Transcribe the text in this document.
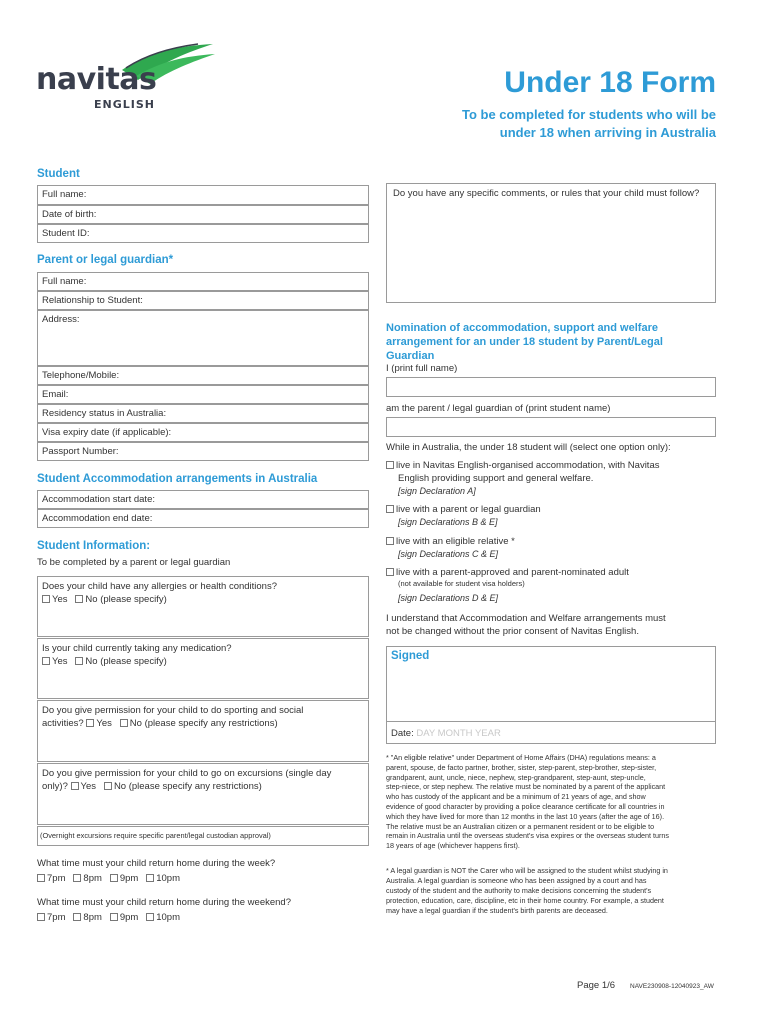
navitas
ENGLISH
Under 18 Form
To be completed for students who will be
under 18 when arriving in Australia
Student
Full name:
Date of birth:
Student ID:
Do you have any specific comments, or rules that your child must follow?
Parent or legal guardian*
Full name:
Relationship to Student:
Address:
Telephone/Mobile:
Email:
Residency status in Australia:
Visa expiry date (if applicable):
Passport Number:
Student Accommodation arrangements in Australia
Accommodation start date:
Accommodation end date:
Student Information:
To be completed by a parent or legal guardian
Does your child have any allergies or health conditions?
Yes No (please specify)
Is your child currently taking any medication?
Yes No (please specify)
Do you give permission for your child to do sporting and social
activities? Yes No (please specify any restrictions)
Do you give permission for your child to go on excursions (single day
only)? Yes No (please specify any restrictions)
(Overnight excursions require specific parent/legal custodian approval)
What time must your child return home during the week?
7pm 8pm 9pm 10pm
What time must your child return home during the weekend?
7pm 8pm 9pm 10pm
Nomination of accommodation, support and welfare
arrangement for an under 18 student by Parent/Legal
Guardian
I (print full name)
am the parent / legal guardian of (print student name)
While in Australia, the under 18 student will (select one option only):
live in Navitas English-organised accommodation, with Navitas
English providing support and general welfare.
[sign Declaration A]
live with a parent or legal guardian
[sign Declarations B & E]
live with an eligible relative *
[sign Declarations C & E]
live with a parent-approved and parent-nominated adult
(not available for student visa holders)
[sign Declarations D & E]
I understand that Accommodation and Welfare arrangements must
not be changed without the prior consent of Navitas English.
Signed
Date: DAY MONTH YEAR
* "An eligible relative" under Department of Home Affairs (DHA) regulations means: a
parent, spouse, de facto partner, brother, sister, step-parent, step-brother, step-sister,
grandparent, aunt, uncle, niece, nephew, step-grandparent, step-aunt, step-uncle,
step-niece, or step nephew. The relative must be nominated by a parent of the applicant
who has custody of the applicant and be a minimum of 21 years of age, and show
evidence of good character by providing a police clearance certificate for all countries in
which they have lived for more than 12 months in the last 10 years (after the age of 16).
The relative must be an Australian citizen or a permanent resident or to be eligible to
remain in Australia until the overseas student's visa expires or the overseas student turns
18 years of age (whichever happens first).
* A legal guardian is NOT the Carer who will be assigned to the student whilst studying in
Australia. A legal guardian is someone who has been assigned by a court and has
custody of the student and the authority to make decisions concerning the student's
protection, education, care, discipline, etc in their home country. For example, a student
may have a legal guardian if the student's birth parents are deceased.
Page 1/6 NAVE230908-12040923_AW
